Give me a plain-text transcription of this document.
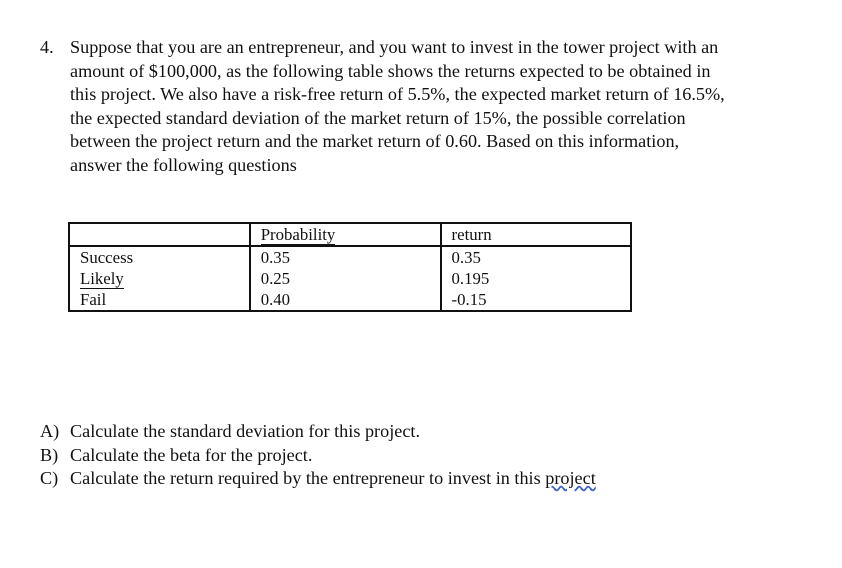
4. Suppose that you are an entrepreneur, and you want to invest in the tower project with an
amount of $100,000, as the following table shows the returns expected to be obtained in
this project. We also have a risk-free return of 5.5%, the expected market return of 16.5%,
the expected standard deviation of the market return of 15%, the possible correlation
between the project return and the market return of 0.60. Based on this information,
answer the following questions
	Probability	return
Success	0.35	0.35
Likely	0.25	0.195
Fail	0.40	-0.15
A) Calculate the standard deviation for this project.
B) Calculate the beta for the project.
C) Calculate the return required by the entrepreneur to invest in this project
